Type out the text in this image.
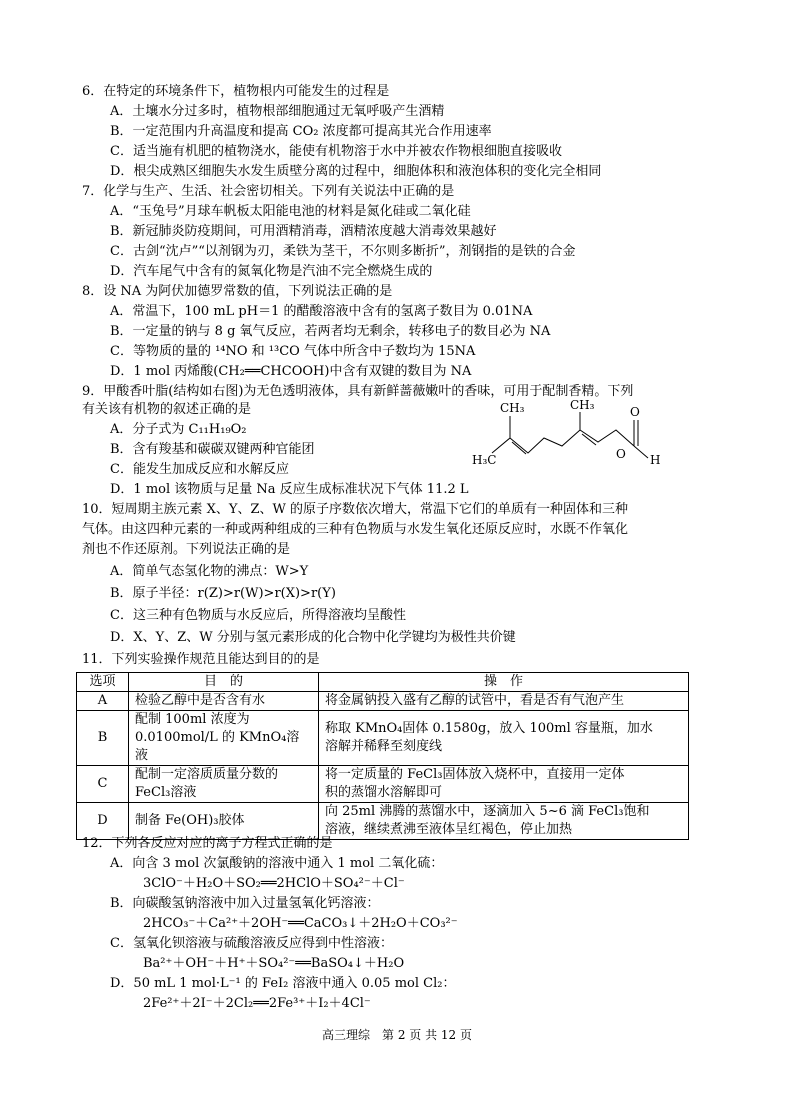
6．在特定的环境条件下，植物根内可能发生的过程是
A．土壤水分过多时，植物根部细胞通过无氧呼吸产生酒精
B．一定范围内升高温度和提高 CO₂ 浓度都可提高其光合作用速率
C．适当施有机肥的植物浇水，能使有机物溶于水中并被农作物根细胞直接吸收
D．根尖成熟区细胞失水发生质壁分离的过程中，细胞体积和液泡体积的变化完全相同
7．化学与生产、生活、社会密切相关。下列有关说法中正确的是
A．“玉兔号”月球车帆板太阳能电池的材料是氮化硅或二氧化硅
B．新冠肺炎防疫期间，可用酒精消毒，酒精浓度越大消毒效果越好
C．古剑“沈卢”“以剂钢为刃，柔铁为茎干，不尔则多断折”，剂钢指的是铁的合金
D．汽车尾气中含有的氮氧化物是汽油不完全燃烧生成的
8．设 NA 为阿伏加德罗常数的值，下列说法正确的是
A．常温下，100 mL pH＝1 的醋酸溶液中含有的氢离子数目为 0.01NA
B．一定量的钠与 8 g 氧气反应，若两者均无剩余，转移电子的数目必为 NA
C．等物质的量的 ¹⁴NO 和 ¹³CO 气体中所含中子数均为 15NA
D．1 mol 丙烯酸(CH₂══CHCOOH)中含有双键的数目为 NA
9．甲酸香叶脂(结构如右图)为无色透明液体，具有新鲜蔷薇嫩叶的香味，可用于配制香精。下列
有关该有机物的叙述正确的是
A．分子式为 C₁₁H₁₉O₂
B．含有羧基和碳碳双键两种官能团
C．能发生加成反应和水解反应
D．1 mol 该物质与足量 Na 反应生成标准状况下气体 11.2 L
CH₃	CH₃
H₃C	O
O
H
10．短周期主族元素 X、Y、Z、W 的原子序数依次增大，常温下它们的单质有一种固体和三种
气体。由这四种元素的一种或两种组成的三种有色物质与水发生氧化还原反应时，水既不作氧化
剂也不作还原剂。下列说法正确的是
A．简单气态氢化物的沸点：W>Y
B．原子半径：r(Z)>r(W)>r(X)>r(Y)
C．这三种有色物质与水反应后，所得溶液均呈酸性
D．X、Y、Z、W 分别与氢元素形成的化合物中化学键均为极性共价键
11．下列实验操作规范且能达到目的的是
选项	目　的	操　作
A	检验乙醇中是否含有水	将金属钠投入盛有乙醇的试管中，看是否有气泡产生
B	配制 100ml 浓度为
0.0100mol/L 的 KMnO₄溶液	称取 KMnO₄固体 0.1580g，放入 100ml 容量瓶，加水
溶解并稀释至刻度线
C	配制一定溶质质量分数的
FeCl₃溶液	将一定质量的 FeCl₃固体放入烧杯中，直接用一定体
积的蒸馏水溶解即可
D	制备 Fe(OH)₃胶体	向 25ml 沸腾的蒸馏水中，逐滴加入 5~6 滴 FeCl₃饱和
溶液，继续煮沸至液体呈红褐色，停止加热
12．下列各反应对应的离子方程式正确的是
A．向含 3 mol 次氯酸钠的溶液中通入 1 mol 二氧化硫：
3ClO⁻＋H₂O＋SO₂══2HClO＋SO₄²⁻＋Cl⁻
B．向碳酸氢钠溶液中加入过量氢氧化钙溶液：
2HCO₃⁻＋Ca²⁺＋2OH⁻══CaCO₃↓＋2H₂O＋CO₃²⁻
C．氢氧化钡溶液与硫酸溶液反应得到中性溶液：
Ba²⁺＋OH⁻＋H⁺＋SO₄²⁻══BaSO₄↓＋H₂O
D．50 mL 1 mol·L⁻¹ 的 FeI₂ 溶液中通入 0.05 mol Cl₂：
2Fe²⁺＋2I⁻＋2Cl₂══2Fe³⁺＋I₂＋4Cl⁻
高三理综　第 2 页 共 12 页
